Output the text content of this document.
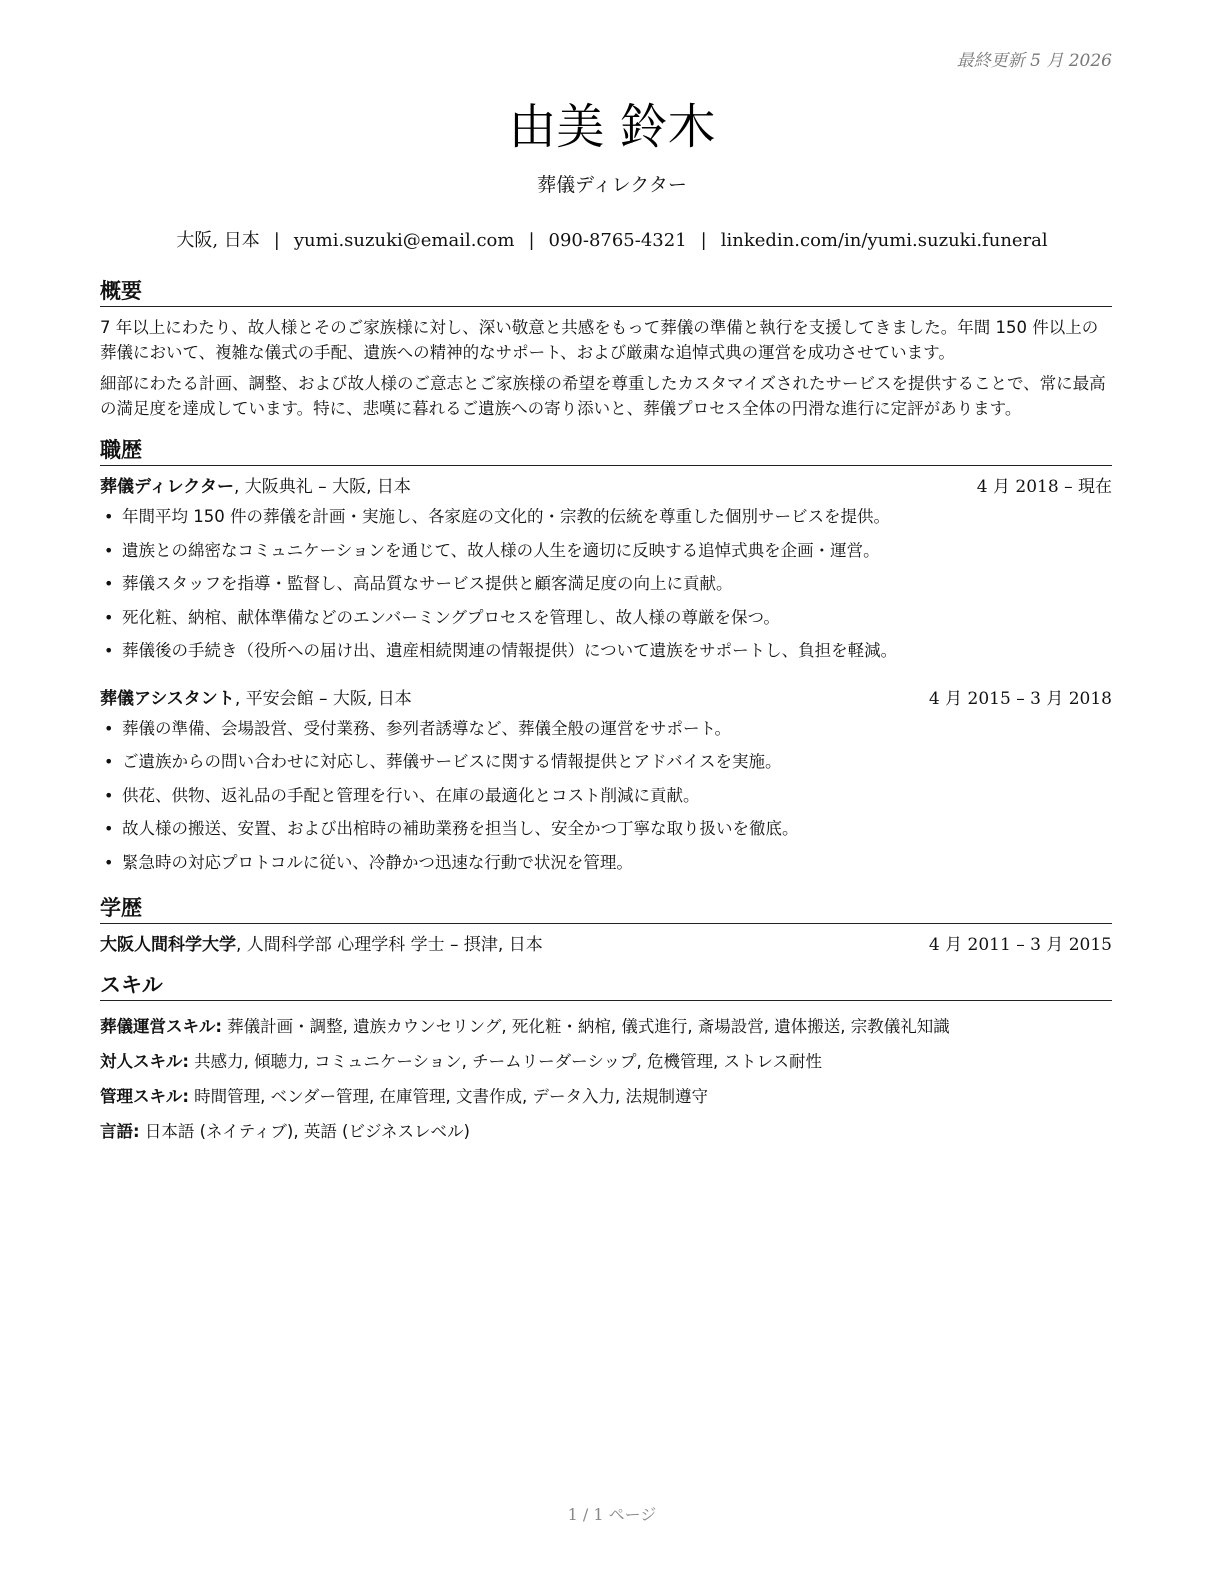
最終更新 5 月 2026
由美 鈴木
葬儀ディレクター
大阪, 日本 | yumi.suzuki@email.com | 090-8765-4321 | linkedin.com/in/yumi.suzuki.funeral
概要

7 年以上にわたり、故人様とそのご家族様に対し、深い敬意と共感をもって葬儀の準備と執行を支援してきました。年間 150 件以上の葬儀において、複雑な儀式の手配、遺族への精神的なサポート、および厳粛な追悼式典の運営を成功させています。

細部にわたる計画、調整、および故人様のご意志とご家族様の希望を尊重したカスタマイズされたサービスを提供することで、常に最高の満足度を達成しています。特に、悲嘆に暮れるご遺族への寄り添いと、葬儀プロセス全体の円滑な進行に定評があります。

職歴
葬儀ディレクター, 大阪典礼 – 大阪, 日本	4 月 2018 – 現在
• 年間平均 150 件の葬儀を計画・実施し、各家庭の文化的・宗教的伝統を尊重した個別サービスを提供。
• 遺族との綿密なコミュニケーションを通じて、故人様の人生を適切に反映する追悼式典を企画・運営。
• 葬儀スタッフを指導・監督し、高品質なサービス提供と顧客満足度の向上に貢献。
• 死化粧、納棺、献体準備などのエンバーミングプロセスを管理し、故人様の尊厳を保つ。
• 葬儀後の手続き（役所への届け出、遺産相続関連の情報提供）について遺族をサポートし、負担を軽減。
葬儀アシスタント, 平安会館 – 大阪, 日本	4 月 2015 – 3 月 2018
• 葬儀の準備、会場設営、受付業務、参列者誘導など、葬儀全般の運営をサポート。
• ご遺族からの問い合わせに対応し、葬儀サービスに関する情報提供とアドバイスを実施。
• 供花、供物、返礼品の手配と管理を行い、在庫の最適化とコスト削減に貢献。
• 故人様の搬送、安置、および出棺時の補助業務を担当し、安全かつ丁寧な取り扱いを徹底。
• 緊急時の対応プロトコルに従い、冷静かつ迅速な行動で状況を管理。
学歴
大阪人間科学大学, 人間科学部 心理学科 学士 – 摂津, 日本	4 月 2011 – 3 月 2015
スキル
葬儀運営スキル: 葬儀計画・調整, 遺族カウンセリング, 死化粧・納棺, 儀式進行, 斎場設営, 遺体搬送, 宗教儀礼知識
対人スキル: 共感力, 傾聴力, コミュニケーション, チームリーダーシップ, 危機管理, ストレス耐性
管理スキル: 時間管理, ベンダー管理, 在庫管理, 文書作成, データ入力, 法規制遵守
言語: 日本語 (ネイティブ), 英語 (ビジネスレベル)
1 / 1 ページ
